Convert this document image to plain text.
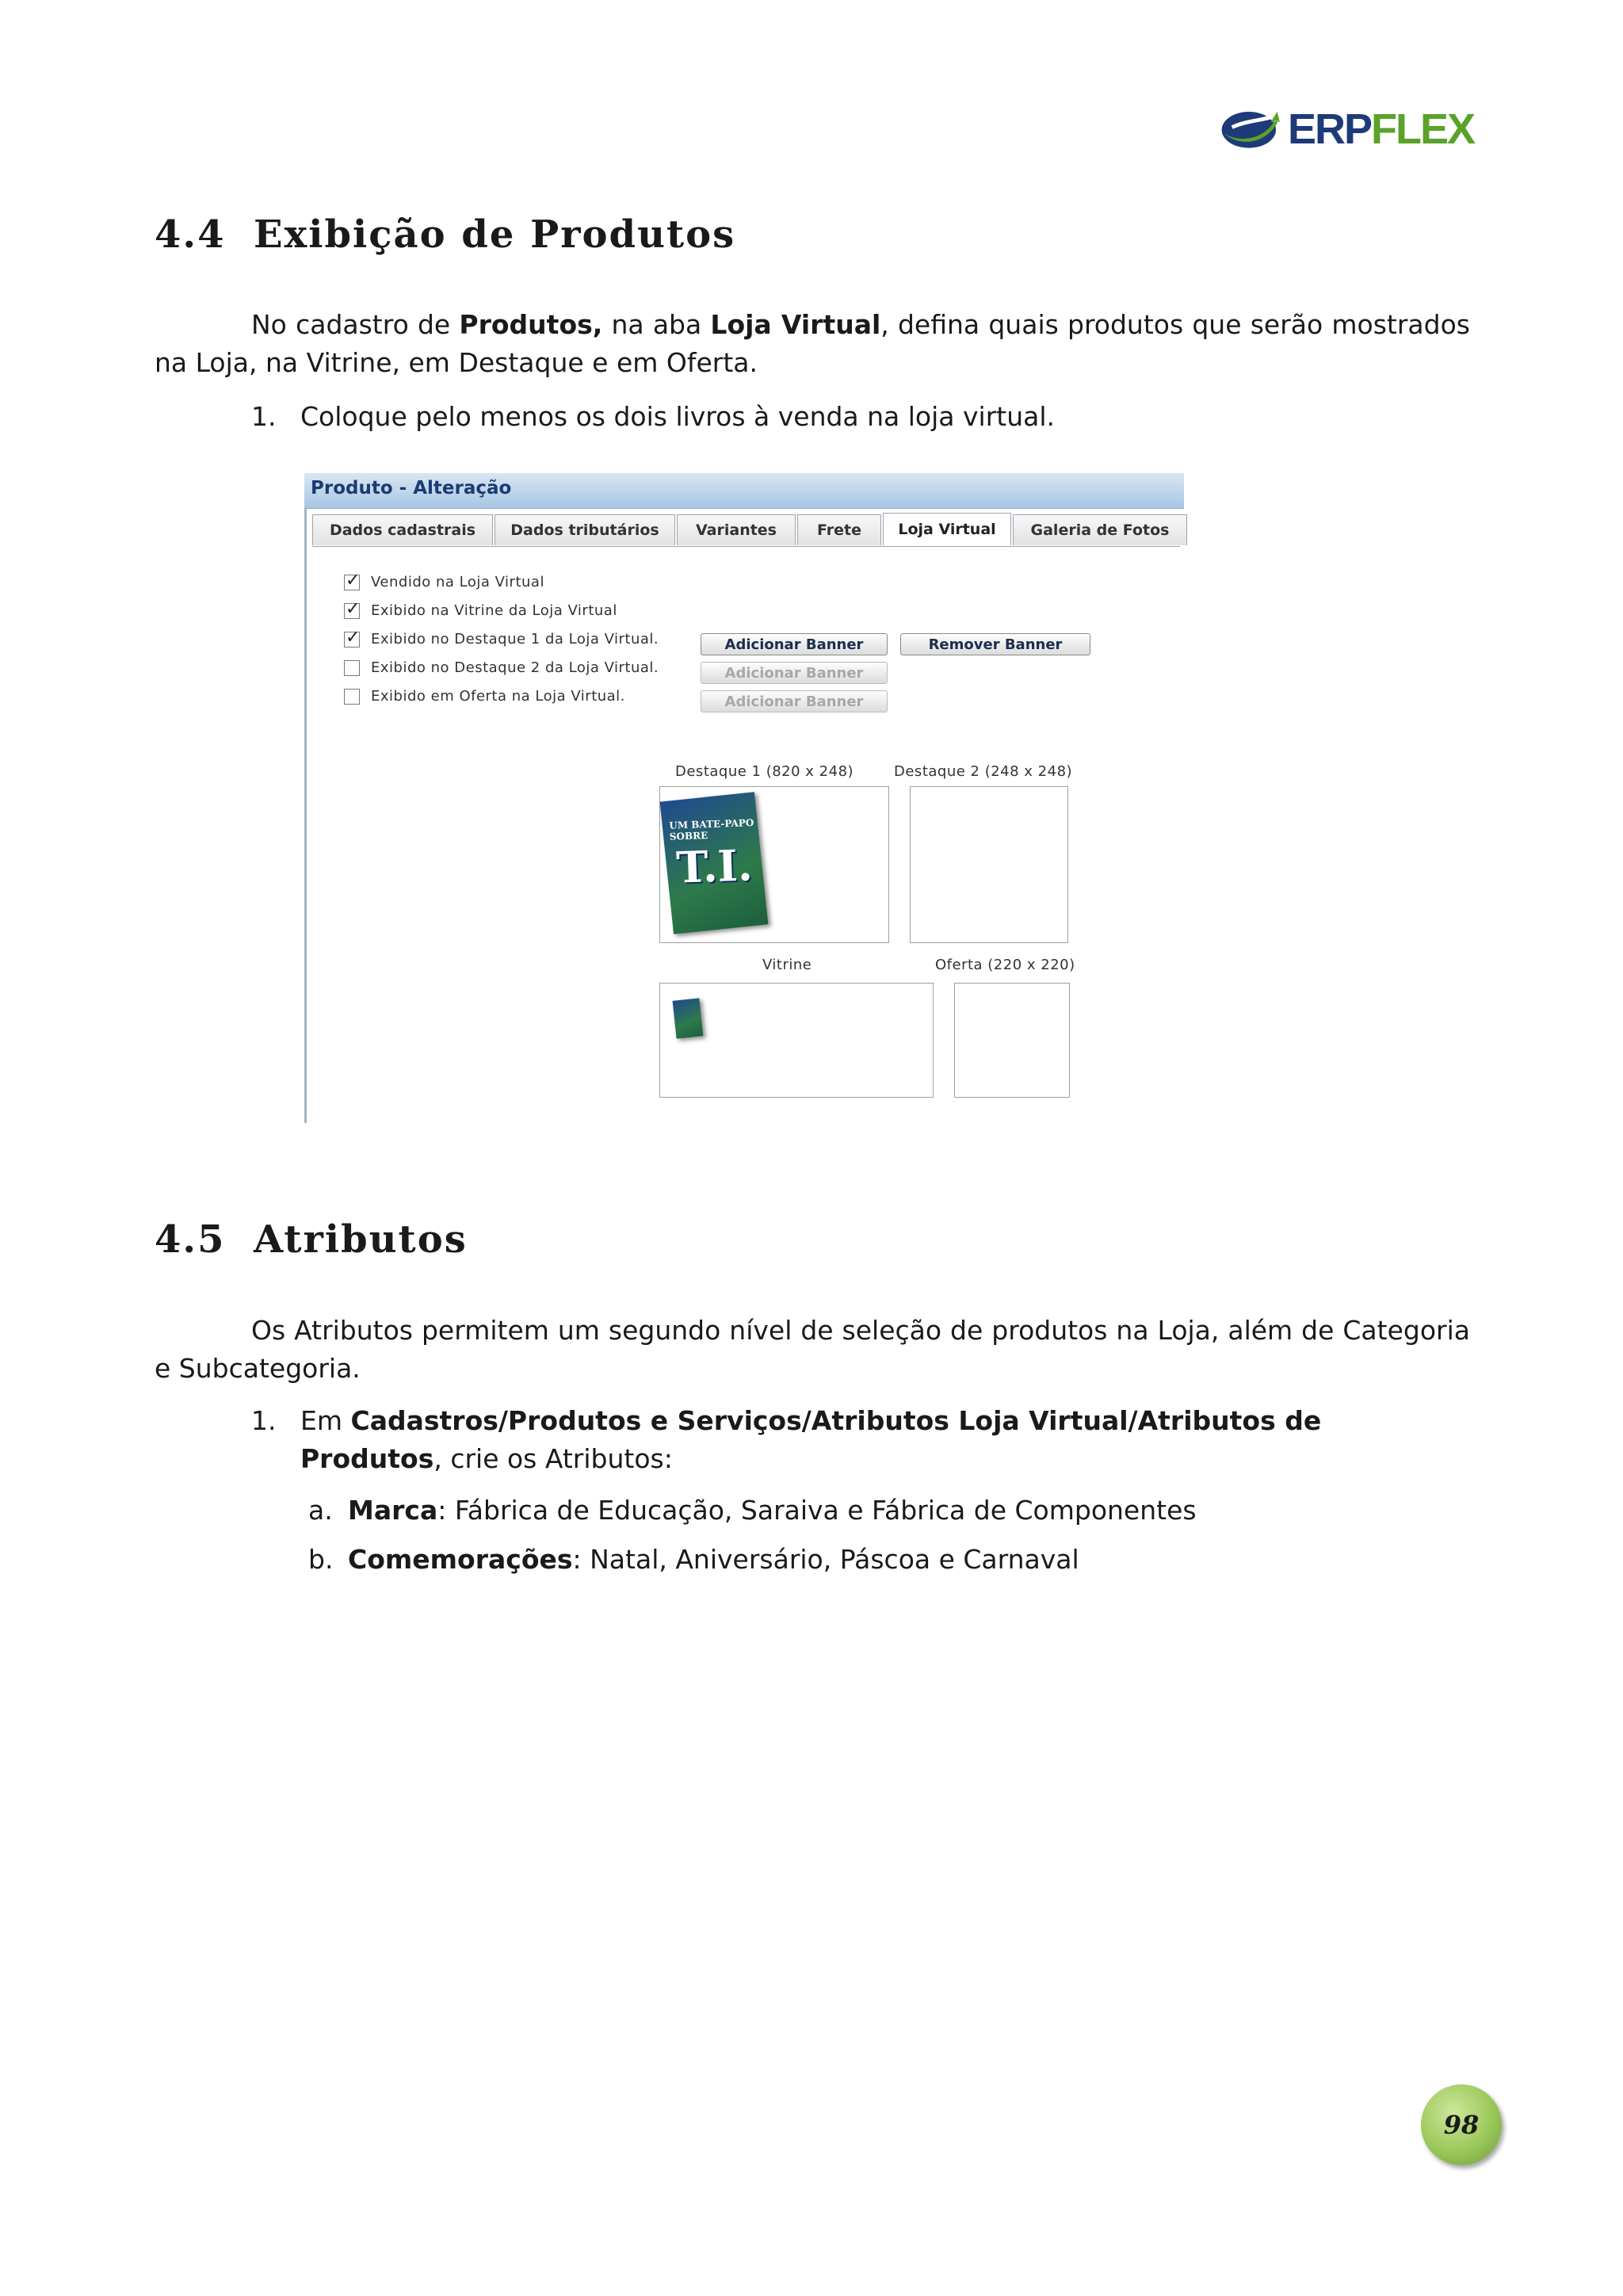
ERPFLEX
4.4 Exibição de Produtos
No cadastro de Produtos, na aba Loja Virtual, defina quais produtos que serão mostrados na Loja, na Vitrine, em Destaque e em Oferta.
1. Coloque pelo menos os dois livros à venda na loja virtual.
Produto - Alteração
Dados cadastrais	Dados tributários	Variantes	Frete	Loja Virtual	Galeria de Fotos
✓
Vendido na Loja Virtual
✓
Exibido na Vitrine da Loja Virtual
✓
Exibido no Destaque 1 da Loja Virtual.
Exibido no Destaque 2 da Loja Virtual.
Exibido em Oferta na Loja Virtual.
Adicionar Banner	Remover Banner
Adicionar Banner
Adicionar Banner
Destaque 1 (820 x 248)	Destaque 2 (248 x 248)
UM BATE-PAPO SOBRE
T.I.
Vitrine	Oferta (220 x 220)
4.5 Atributos
Os Atributos permitem um segundo nível de seleção de produtos na Loja, além de Categoria e Subcategoria.
1. Em Cadastros/Produtos e Serviços/Atributos Loja Virtual/Atributos de Produtos, crie os Atributos:
a. Marca: Fábrica de Educação, Saraiva e Fábrica de Componentes
b. Comemorações: Natal, Aniversário, Páscoa e Carnaval
98
